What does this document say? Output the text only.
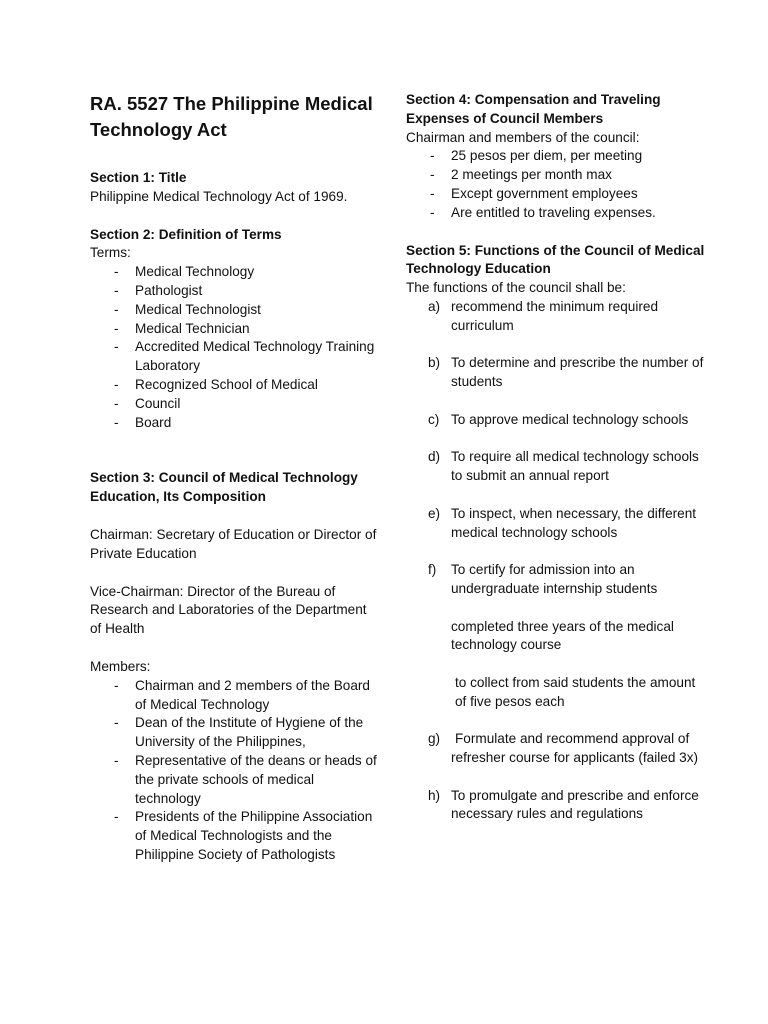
RA. 5527 The Philippine Medical Technology Act
Section 1: Title
Philippine Medical Technology Act of 1969.
Section 2: Definition of Terms
Terms:
- Medical Technology
- Pathologist
- Medical Technologist
- Medical Technician
- Accredited Medical Technology Training Laboratory
- Recognized School of Medical
- Council
- Board
Section 3: Council of Medical Technology Education, Its Composition
Chairman: Secretary of Education or Director of Private Education
Vice-Chairman: Director of the Bureau of Research and Laboratories of the Department of Health
Members:
- Chairman and 2 members of the Board of Medical Technology
- Dean of the Institute of Hygiene of the University of the Philippines,
- Representative of the deans or heads of the private schools of medical technology
- Presidents of the Philippine Association of Medical Technologists and the Philippine Society of Pathologists
Section 4: Compensation and Traveling Expenses of Council Members
Chairman and members of the council:
- 25 pesos per diem, per meeting
- 2 meetings per month max
- Except government employees
- Are entitled to traveling expenses.
Section 5: Functions of the Council of Medical Technology Education
The functions of the council shall be:
a) recommend the minimum required curriculum
b) To determine and prescribe the number of students
c) To approve medical technology schools
d) To require all medical technology schools to submit an annual report
e) To inspect, when necessary, the different medical technology schools
f) To certify for admission into an undergraduate internship students
completed three years of the medical technology course
to collect from said students the amount of five pesos each
g) Formulate and recommend approval of refresher course for applicants (failed 3x)
h) To promulgate and prescribe and enforce necessary rules and regulations
